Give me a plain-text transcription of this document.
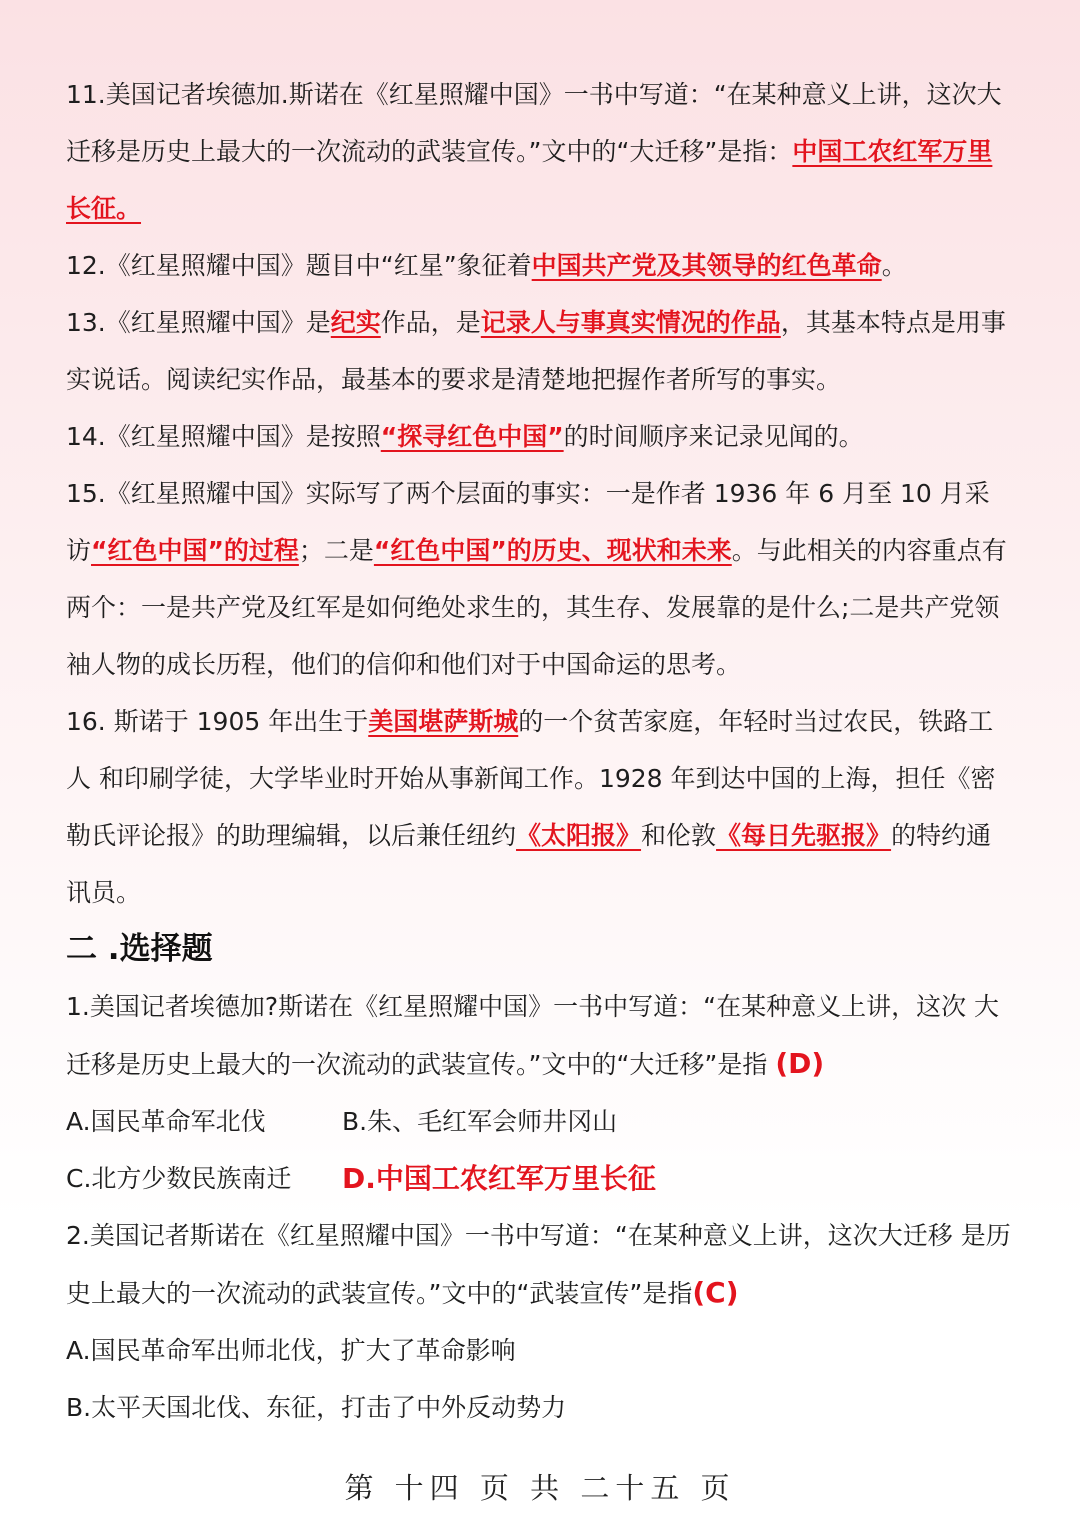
11.美国记者埃德加.斯诺在《红星照耀中国》一书中写道：“在某种意义上讲，这次大迁移是历史上最大的一次流动的武装宣传。”文中的“大迁移”是指：中国工农红军万里长征。

12.《红星照耀中国》题目中“红星”象征着中国共产党及其领导的红色革命。

13.《红星照耀中国》是纪实作品，是记录人与事真实情况的作品，其基本特点是用事实说话。阅读纪实作品，最基本的要求是清楚地把握作者所写的事实。

14.《红星照耀中国》是按照“探寻红色中国”的时间顺序来记录见闻的。

15.《红星照耀中国》实际写了两个层面的事实：一是作者 1936 年 6 月至 10 月采访“红色中国”的过程；二是“红色中国”的历史、现状和未来。与此相关的内容重点有两个：一是共产党及红军是如何绝处求生的，其生存、发展靠的是什么;二是共产党领袖人物的成长历程，他们的信仰和他们对于中国命运的思考。

16. 斯诺于 1905 年出生于美国堪萨斯城的一个贫苦家庭，年轻时当过农民，铁路工人 和印刷学徒，大学毕业时开始从事新闻工作。1928 年到达中国的上海，担任《密勒氏评论报》的助理编辑，以后兼任纽约《太阳报》和伦敦《每日先驱报》的特约通讯员。

二 .选择题

1.美国记者埃德加?斯诺在《红星照耀中国》一书中写道：“在某种意义上讲，这次 大迁移是历史上最大的一次流动的武装宣传。”文中的“大迁移”是指 (D)

A.国民革命军北伐	B.朱、毛红军会师井冈山
C.北方少数民族南迁	D.中国工农红军万里长征

2.美国记者斯诺在《红星照耀中国》一书中写道：“在某种意义上讲，这次大迁移 是历史上最大的一次流动的武装宣传。”文中的“武装宣传”是指(C)

A.国民革命军出师北伐，扩大了革命影响

B.太平天国北伐、东征，打击了中外反动势力

第 十四 页 共 二十五 页
